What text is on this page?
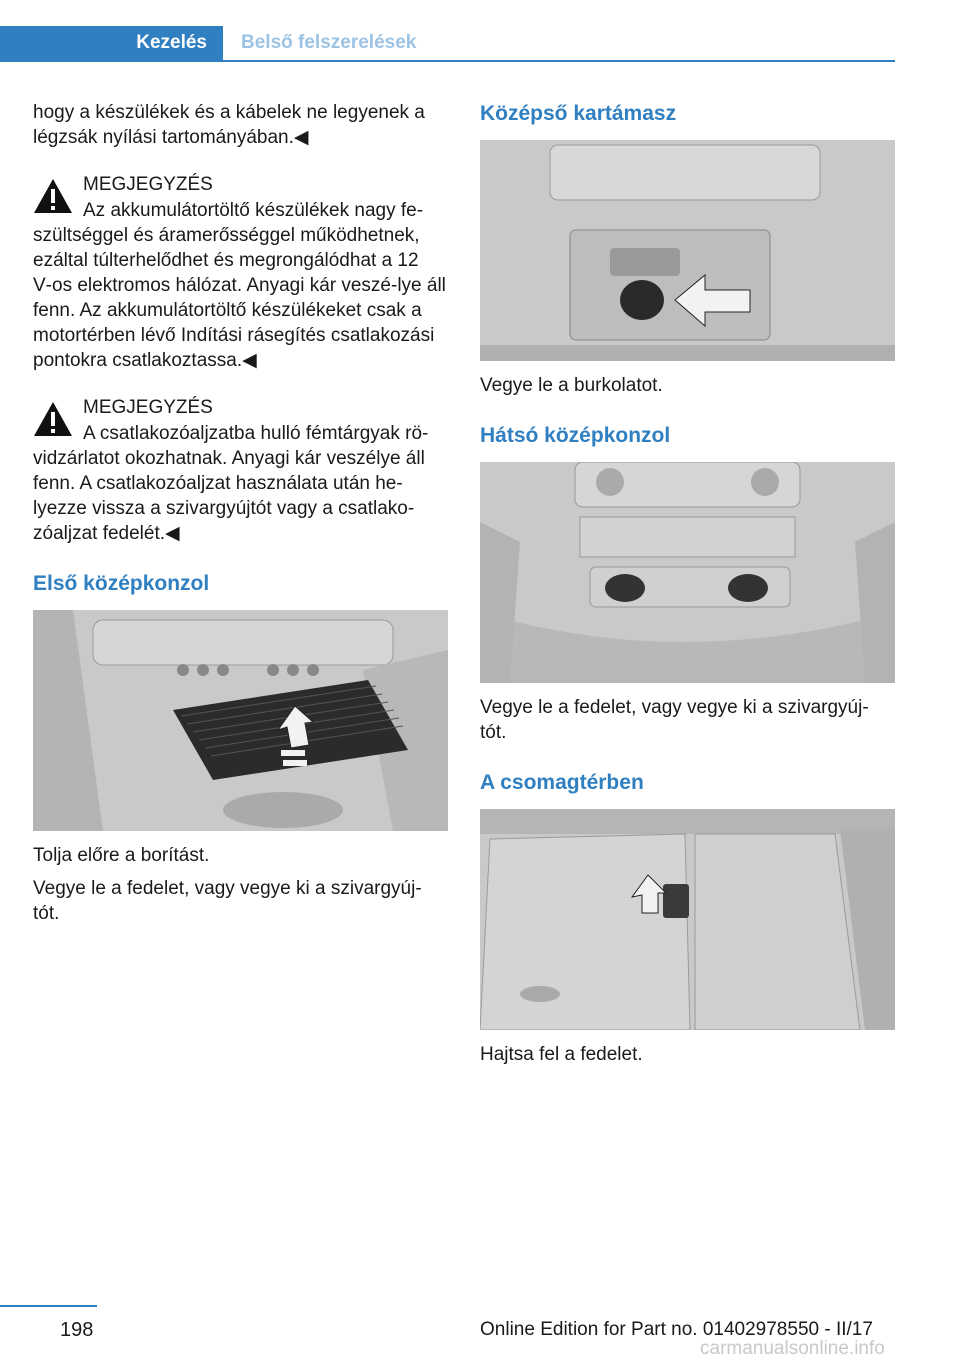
Kezelés	Belső felszerelések

hogy a készülékek és a kábelek ne legyenek a légzsák nyílási tartományában.◀

MEGJEGYZÉS

Az akkumulátortöltő készülékek nagy fe-szültséggel és áramerősséggel működhetnek, ezáltal túlterhelődhet és megrongálódhat a 12 V‑os elektromos hálózat. Anyagi kár veszé-lye áll fenn. Az akkumulátortöltő készülékeket csak a motortérben lévő Indítási rásegítés csatlakozási pontokra csatlakoztassa.◀

MEGJEGYZÉS

A csatlakozóaljzatba hulló fémtárgyak rö-vidzárlatot okozhatnak. Anyagi kár veszélye áll fenn. A csatlakozóaljzat használata után he-lyezze vissza a szivargyújtót vagy a csatlako-zóaljzat fedelét.◀

Első középkonzol

Tolja előre a borítást.

Vegye le a fedelet, vagy vegye ki a szivargyúj-tót.

Középső kartámasz

Vegye le a burkolatot.

Hátsó középkonzol

Vegye le a fedelet, vagy vegye ki a szivargyúj-tót.

A csomagtérben

Hajtsa fel a fedelet.

198	Online Edition for Part no. 01402978550 - II/17
carmanualsonline.info
